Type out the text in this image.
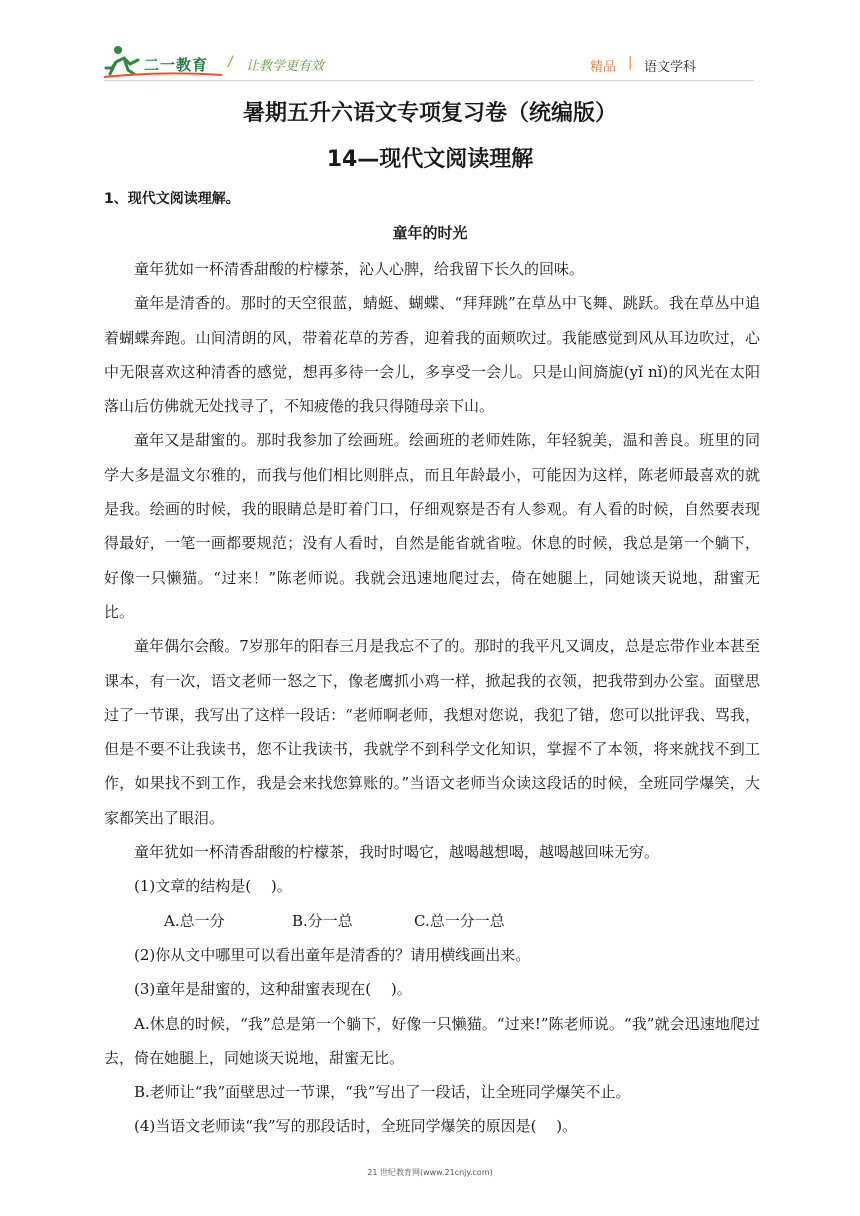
二一教育 / 让教学更有效	精品 | 语文学科
暑期五升六语文专项复习卷（统编版）
14—现代文阅读理解
1、现代文阅读理解。
童年的时光

童年犹如一杯清香甜酸的柠檬茶，沁人心脾，给我留下长久的回味。

童年是清香的。那时的天空很蓝，蜻蜓、蝴蝶、“拜拜跳”在草丛中飞舞、跳跃。我在草丛中追着蝴蝶奔跑。山间清朗的风，带着花草的芳香，迎着我的面颊吹过。我能感觉到风从耳边吹过，心中无限喜欢这种清香的感觉，想再多待一会儿，多享受一会儿。只是山间旖旎(yǐ nǐ)的风光在太阳落山后仿佛就无处找寻了，不知疲倦的我只得随母亲下山。

童年又是甜蜜的。那时我参加了绘画班。绘画班的老师姓陈，年轻貌美，温和善良。班里的同学大多是温文尔雅的，而我与他们相比则胖点，而且年龄最小，可能因为这样，陈老师最喜欢的就是我。绘画的时候，我的眼睛总是盯着门口，仔细观察是否有人参观。有人看的时候，自然要表现得最好，一笔一画都要规范；没有人看时，自然是能省就省啦。休息的时候，我总是第一个躺下，好像一只懒猫。“过来！”陈老师说。我就会迅速地爬过去，倚在她腿上，同她谈天说地，甜蜜无比。

童年偶尔会酸。7岁那年的阳春三月是我忘不了的。那时的我平凡又调皮，总是忘带作业本甚至课本，有一次，语文老师一怒之下，像老鹰抓小鸡一样，掀起我的衣领，把我带到办公室。面壁思过了一节课，我写出了这样一段话：“老师啊老师，我想对您说，我犯了错，您可以批评我、骂我，但是不要不让我读书，您不让我读书，我就学不到科学文化知识，掌握不了本领，将来就找不到工作，如果找不到工作，我是会来找您算账的。”当语文老师当众读这段话的时候，全班同学爆笑，大家都笑出了眼泪。

童年犹如一杯清香甜酸的柠檬茶，我时时喝它，越喝越想喝，越喝越回味无穷。

(1)文章的结构是(　 )。

A.总一分	B.分一总	C.总一分一总

(2)你从文中哪里可以看出童年是清香的？请用横线画出来。

(3)童年是甜蜜的，这种甜蜜表现在(　 )。

A.休息的时候，“我”总是第一个躺下，好像一只懒猫。“过来!”陈老师说。“我”就会迅速地爬过去，倚在她腿上，同她谈天说地，甜蜜无比。

B.老师让“我”面壁思过一节课，“我”写出了一段话，让全班同学爆笑不止。

(4)当语文老师读“我”写的那段话时，全班同学爆笑的原因是(　 )。

21 世纪教育网(www.21cnjy.com)
